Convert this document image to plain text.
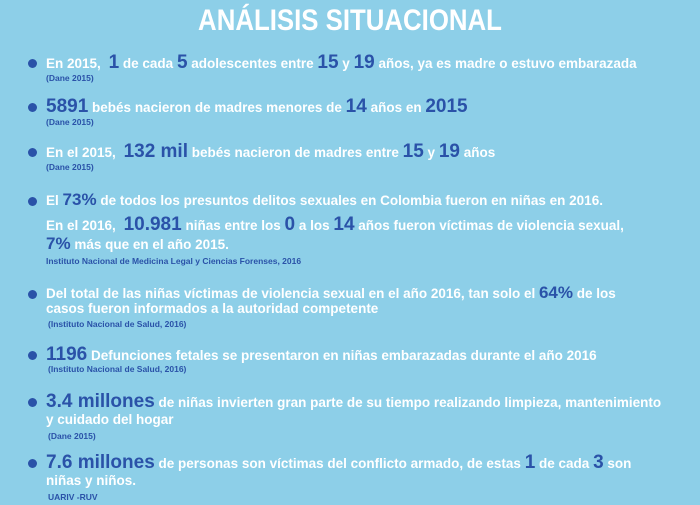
ANÁLISIS SITUACIONAL
En 2015, 1 de cada 5 adolescentes entre 15 y 19 años, ya es madre o estuvo embarazada
(Dane 2015)
5891 bebés nacieron de madres menores de 14 años en 2015
(Dane 2015)
En el 2015, 132 mil bebés nacieron de madres entre 15 y 19 años
(Dane 2015)
El 73% de todos los presuntos delitos sexuales en Colombia fueron en niñas en 2016.
En el 2016, 10.981 niñas entre los 0 a los 14 años fueron víctimas de violencia sexual,
7% más que en el año 2015.
Instituto Nacional de Medicina Legal y Ciencias Forenses, 2016
Del total de las niñas víctimas de violencia sexual en el año 2016, tan solo el 64% de los
casos fueron informados a la autoridad competente
(Instituto Nacional de Salud, 2016)
1196 Defunciones fetales se presentaron en niñas embarazadas durante el año 2016
(Instituto Nacional de Salud, 2016)
3.4 millones de niñas invierten gran parte de su tiempo realizando limpieza, mantenimiento
y cuidado del hogar
(Dane 2015)
7.6 millones de personas son víctimas del conflicto armado, de estas 1 de cada 3 son
niñas y niños.
UARIV -RUV
